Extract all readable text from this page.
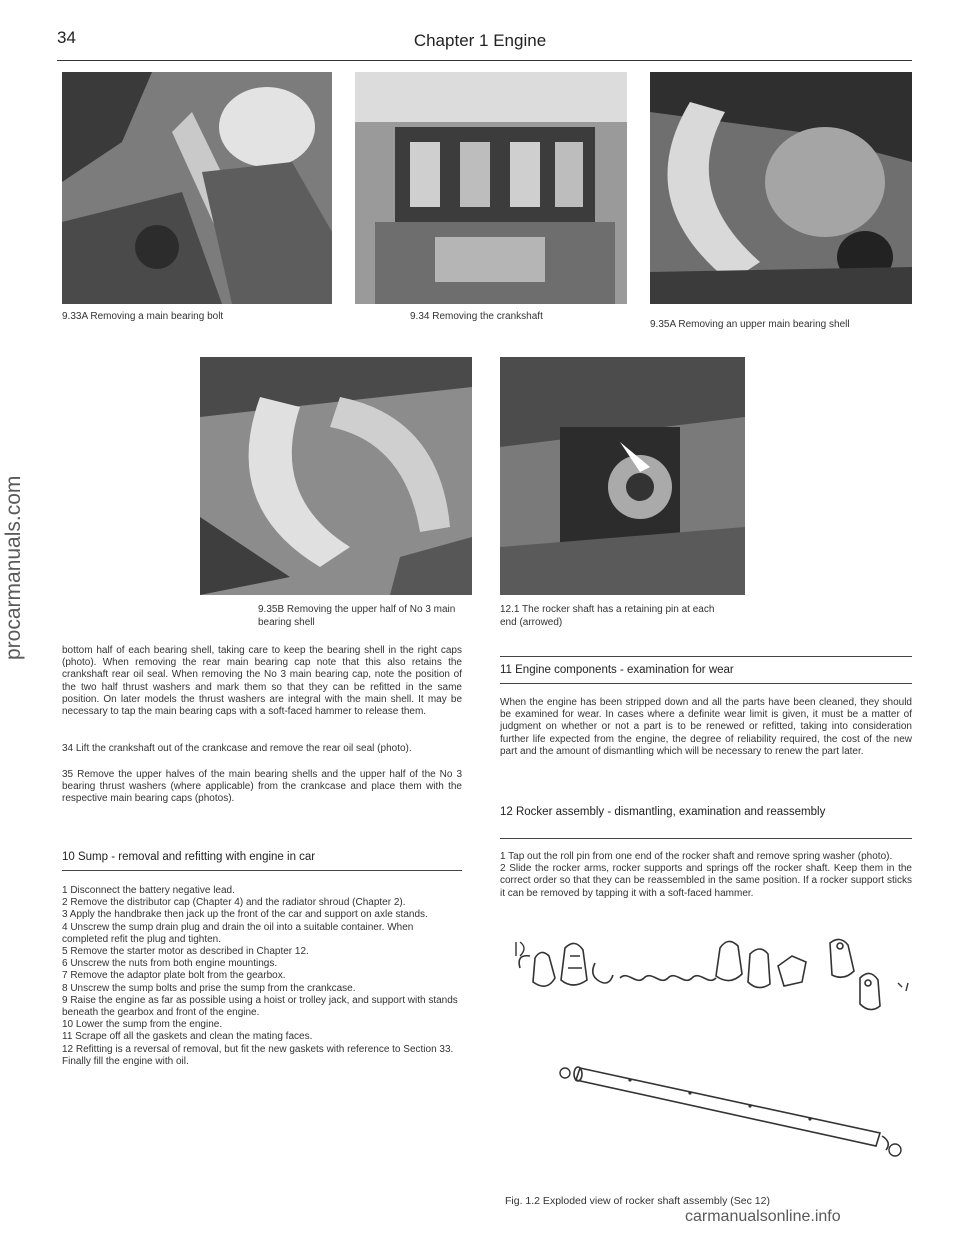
34	Chapter 1 Engine
procarmanuals.com
9.33A Removing a main bearing bolt	9.34 Removing the crankshaft
9.35A Removing an upper main bearing shell
9.35B Removing the upper half of No 3 main bearing shell
12.1 The rocker shaft has a retaining pin at each end (arrowed)
bottom half of each bearing shell, taking care to keep the bearing shell in the right caps (photo). When removing the rear main bearing cap note that this also retains the crankshaft rear oil seal. When removing the No 3 main bearing cap, note the position of the two half thrust washers and mark them so that they can be refitted in the same position. On later models the thrust washers are integral with the main shell. It may be necessary to tap the main bearing caps with a soft-faced hammer to release them.
34 Lift the crankshaft out of the crankcase and remove the rear oil seal (photo).
35 Remove the upper halves of the main bearing shells and the upper half of the No 3 bearing thrust washers (where applicable) from the crankcase and place them with the respective main bearing caps (photos).
10 Sump - removal and refitting with engine in car
1 Disconnect the battery negative lead.
2 Remove the distributor cap (Chapter 4) and the radiator shroud (Chapter 2).
3 Apply the handbrake then jack up the front of the car and support on axle stands.
4 Unscrew the sump drain plug and drain the oil into a suitable container. When completed refit the plug and tighten.
5 Remove the starter motor as described in Chapter 12.
6 Unscrew the nuts from both engine mountings.
7 Remove the adaptor plate bolt from the gearbox.
8 Unscrew the sump bolts and prise the sump from the crankcase.
9 Raise the engine as far as possible using a hoist or trolley jack, and support with stands beneath the gearbox and front of the engine.
10 Lower the sump from the engine.
11 Scrape off all the gaskets and clean the mating faces.
12 Refitting is a reversal of removal, but fit the new gaskets with reference to Section 33. Finally fill the engine with oil.
11 Engine components - examination for wear
When the engine has been stripped down and all the parts have been cleaned, they should be examined for wear. In cases where a definite wear limit is given, it must be a matter of judgment on whether or not a part is to be renewed or refitted, taking into consideration further life expected from the engine, the degree of reliability required, the cost of the new part and the amount of dismantling which will be necessary to renew the part later.
12 Rocker assembly - dismantling, examination and reassembly
1 Tap out the roll pin from one end of the rocker shaft and remove spring washer (photo).
2 Slide the rocker arms, rocker supports and springs off the rocker shaft. Keep them in the correct order so that they can be reassembled in the same position. If a rocker support sticks it can be removed by tapping it with a soft-faced hammer.
Fig. 1.2 Exploded view of rocker shaft assembly (Sec 12)
carmanualsonline.info
